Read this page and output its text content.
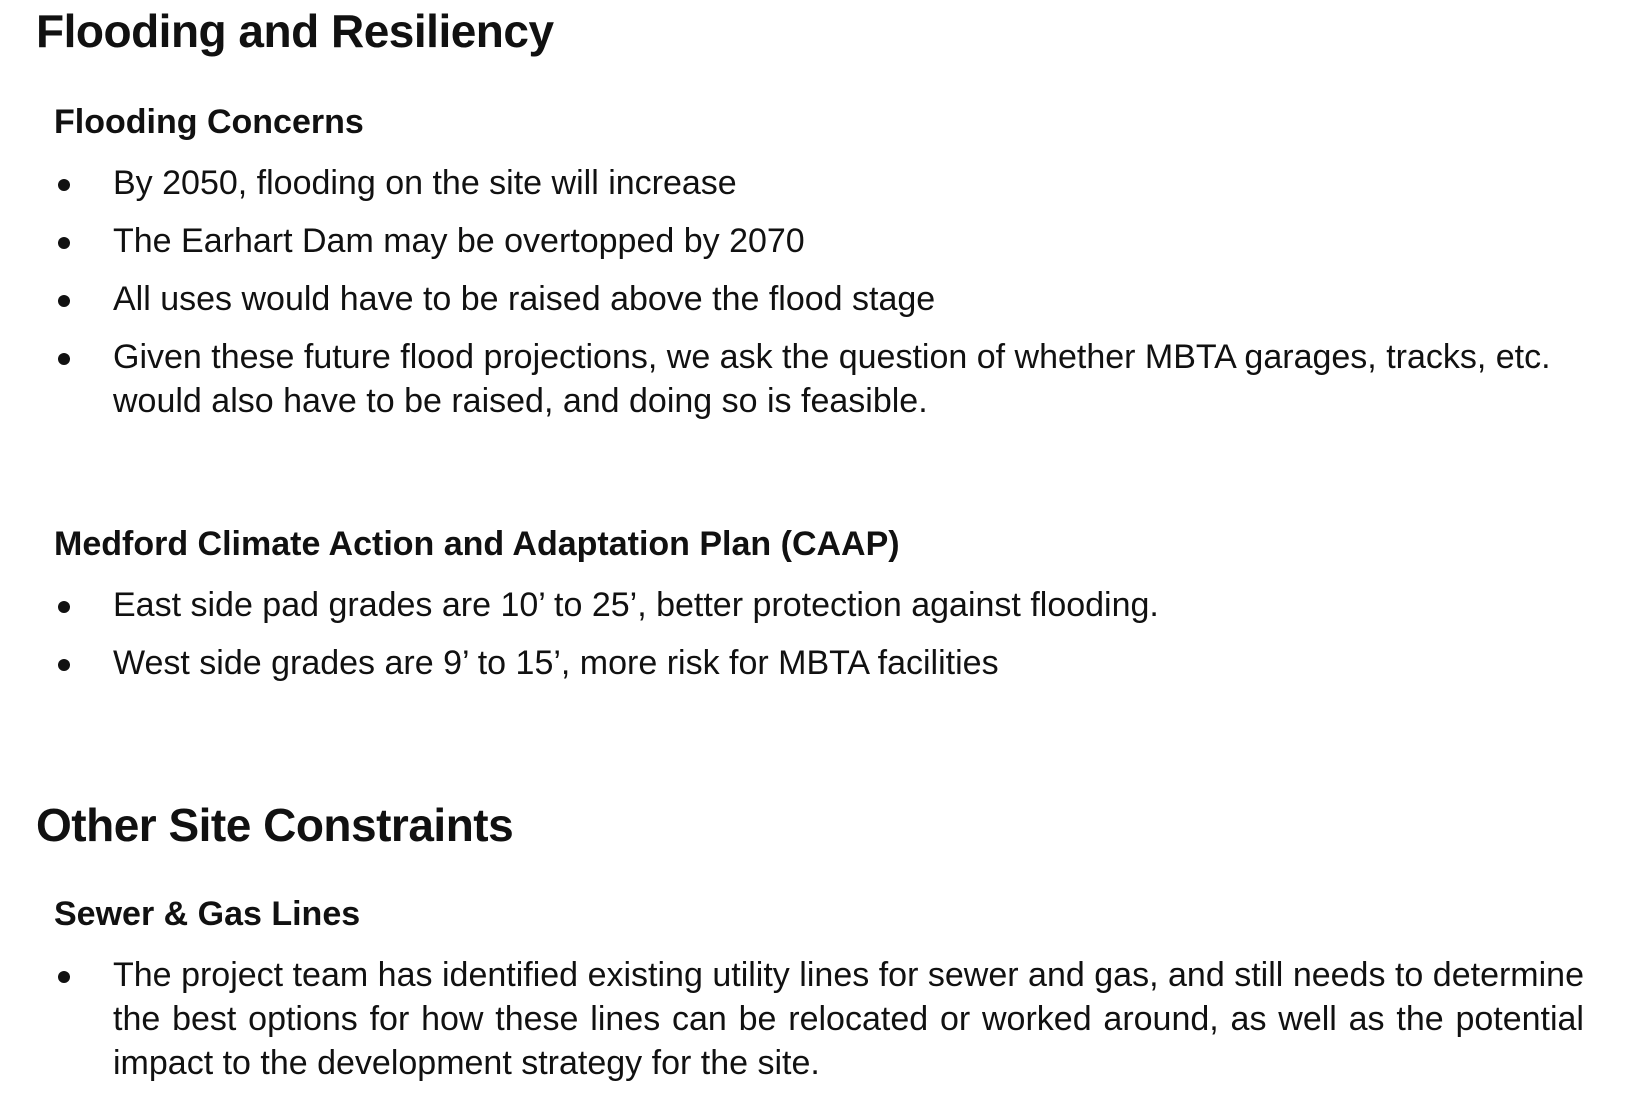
Flooding and Resiliency
Flooding Concerns
By 2050, flooding on the site will increase
The Earhart Dam may be overtopped by 2070
All uses would have to be raised above the flood stage
Given these future flood projections, we ask the question of whether MBTA garages, tracks, etc. would also have to be raised, and doing so is feasible.
Medford Climate Action and Adaptation Plan (CAAP)
East side pad grades are 10’ to 25’, better protection against flooding.
West side grades are 9’ to 15’, more risk for MBTA facilities
Other Site Constraints
Sewer & Gas Lines
The project team has identified existing utility lines for sewer and gas, and still needs to determine the best options for how these lines can be relocated or worked around, as well as the potential impact to the development strategy for the site.
